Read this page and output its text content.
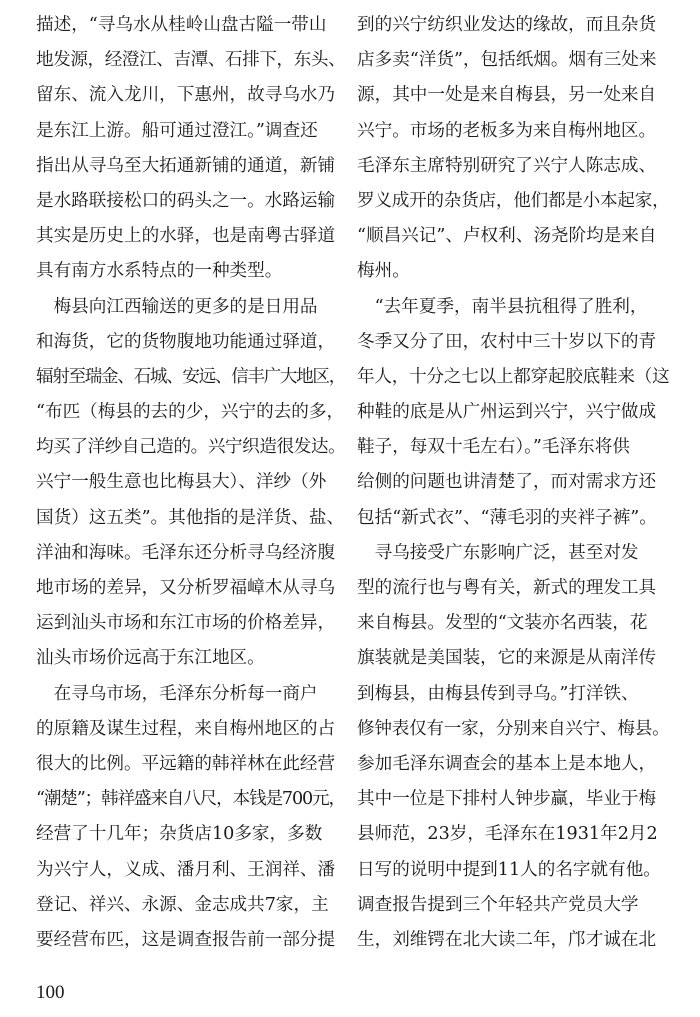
描述，“寻乌水从桂岭山盘古隘一带山
地发源，经澄江、吉潭、石排下，东头、
留东、流入龙川，下惠州，故寻乌水乃
是东江上游。船可通过澄江。”调查还
指出从寻乌至大拓通新铺的通道，新铺
是水路联接松口的码头之一。水路运输
其实是历史上的水驿，也是南粤古驿道
具有南方水系特点的一种类型。
　梅县向江西输送的更多的是日用品
和海货，它的货物腹地功能通过驿道，
辐射至瑞金、石城、安远、信丰广大地区，
“布匹（梅县的去的少，兴宁的去的多，
均买了洋纱自己造的。兴宁织造很发达。
兴宁一般生意也比梅县大）、洋纱（外
国货）这五类”。其他指的是洋货、盐、
洋油和海味。毛泽东还分析寻乌经济腹
地市场的差异，又分析罗福嶂木从寻乌
运到汕头市场和东江市场的价格差异，
汕头市场价远高于东江地区。
　在寻乌市场，毛泽东分析每一商户
的原籍及谋生过程，来自梅州地区的占
很大的比例。平远籍的韩祥林在此经营
“潮楚”；韩祥盛来自八尺，本钱是700元，
经营了十几年；杂货店10多家，多数
为兴宁人，义成、潘月利、王润祥、潘
登记、祥兴、永源、金志成共7家，主
要经营布匹，这是调查报告前一部分提
到的兴宁纺织业发达的缘故，而且杂货
店多卖“洋货”，包括纸烟。烟有三处来
源，其中一处是来自梅县，另一处来自
兴宁。市场的老板多为来自梅州地区。
毛泽东主席特别研究了兴宁人陈志成、
罗义成开的杂货店，他们都是小本起家，
“顺昌兴记”、卢权利、汤尧阶均是来自
梅州。
　“去年夏季，南半县抗租得了胜利，
冬季又分了田，农村中三十岁以下的青
年人，十分之七以上都穿起胶底鞋来（这
种鞋的底是从广州运到兴宁，兴宁做成
鞋子，每双十毛左右）。”毛泽东将供
给侧的问题也讲清楚了，而对需求方还
包括“新式衣”、“薄毛羽的夹袢子裤”。
　寻乌接受广东影响广泛，甚至对发
型的流行也与粤有关，新式的理发工具
来自梅县。发型的“文装亦名西装，花
旗装就是美国装，它的来源是从南洋传
到梅县，由梅县传到寻乌。”打洋铁、
修钟表仅有一家，分别来自兴宁、梅县。
参加毛泽东调查会的基本上是本地人，
其中一位是下排村人钟步赢，毕业于梅
县师范，23岁，毛泽东在1931年2月2
日写的说明中提到11人的名字就有他。
调查报告提到三个年轻共产党员大学
生，刘维锷在北大读二年，邝才诚在北
100
